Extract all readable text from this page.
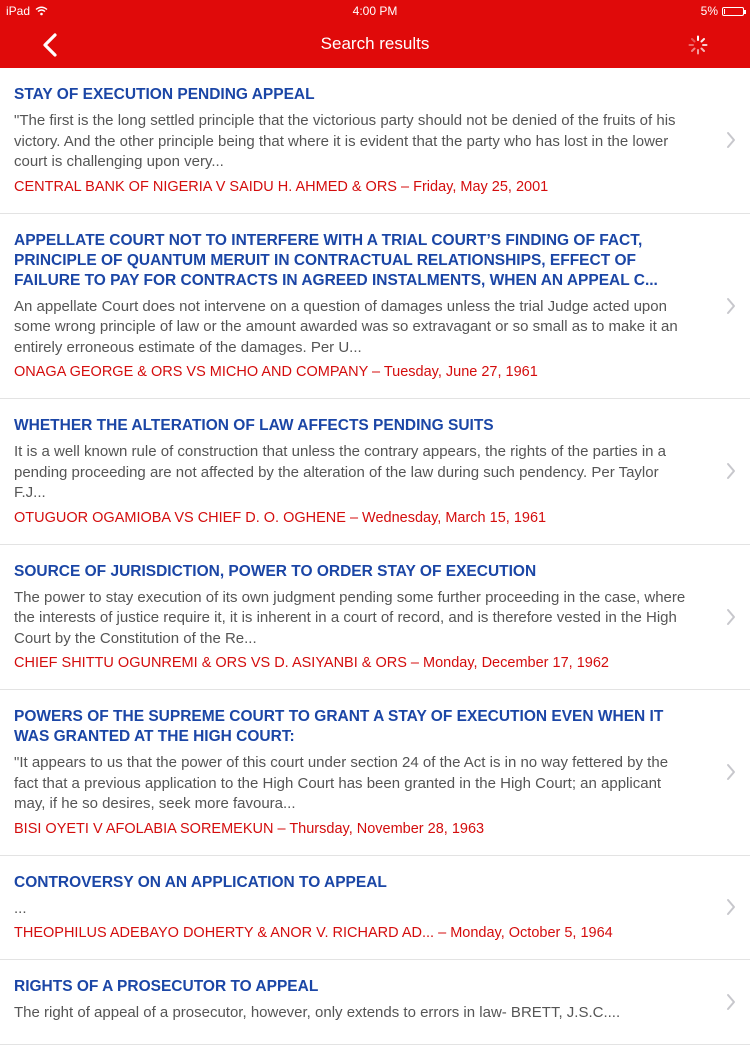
iPad	4:00 PM	5%
Search results
STAY OF EXECUTION PENDING APPEAL
"The first is the long settled principle that the victorious party should not be denied of the fruits of his victory. And the other principle being that where it is evident that the party who has lost in the lower court is challenging upon very...
CENTRAL BANK OF NIGERIA V SAIDU H. AHMED & ORS – Friday, May 25, 2001
APPELLATE COURT NOT TO INTERFERE WITH A TRIAL COURT’S FINDING OF FACT, PRINCIPLE OF QUANTUM MERUIT IN CONTRACTUAL RELATIONSHIPS, EFFECT OF FAILURE TO PAY FOR CONTRACTS IN AGREED INSTALMENTS, WHEN AN APPEAL C...
An appellate Court does not intervene on a question of damages unless the trial Judge acted upon some wrong principle of law or the amount awarded was so extravagant or so small as to make it an entirely erroneous estimate of the damages. Per U...
ONAGA GEORGE & ORS VS MICHO AND COMPANY – Tuesday, June 27, 1961
WHETHER THE ALTERATION OF LAW AFFECTS PENDING SUITS
It is a well known rule of construction that unless the contrary appears, the rights of the parties in a pending proceeding are not affected by the alteration of the law during such pendency. Per Taylor F.J...
OTUGUOR OGAMIOBA VS CHIEF D. O. OGHENE – Wednesday, March 15, 1961
SOURCE OF JURISDICTION, POWER TO ORDER STAY OF EXECUTION
The power to stay execution of its own judgment pending some further proceeding in the case, where the interests of justice require it, it is inherent in a court of record, and is therefore vested in the High Court by the Constitution of the Re...
CHIEF SHITTU OGUNREMI & ORS VS D. ASIYANBI & ORS – Monday, December 17, 1962
POWERS OF THE SUPREME COURT TO GRANT A STAY OF EXECUTION EVEN WHEN IT WAS GRANTED AT THE HIGH COURT:
"It appears to us that the power of this court under section 24 of the Act is in no way fettered by the fact that a previous application to the High Court has been granted in the High Court; an applicant may, if he so desires, seek more favoura...
BISI OYETI V AFOLABIA SOREMEKUN – Thursday, November 28, 1963
CONTROVERSY ON AN APPLICATION TO APPEAL
...
THEOPHILUS ADEBAYO DOHERTY & ANOR V. RICHARD AD... – Monday, October 5, 1964
RIGHTS OF A PROSECUTOR TO APPEAL
The right of appeal of a prosecutor, however, only extends to errors in law- BRETT, J.S.C....
